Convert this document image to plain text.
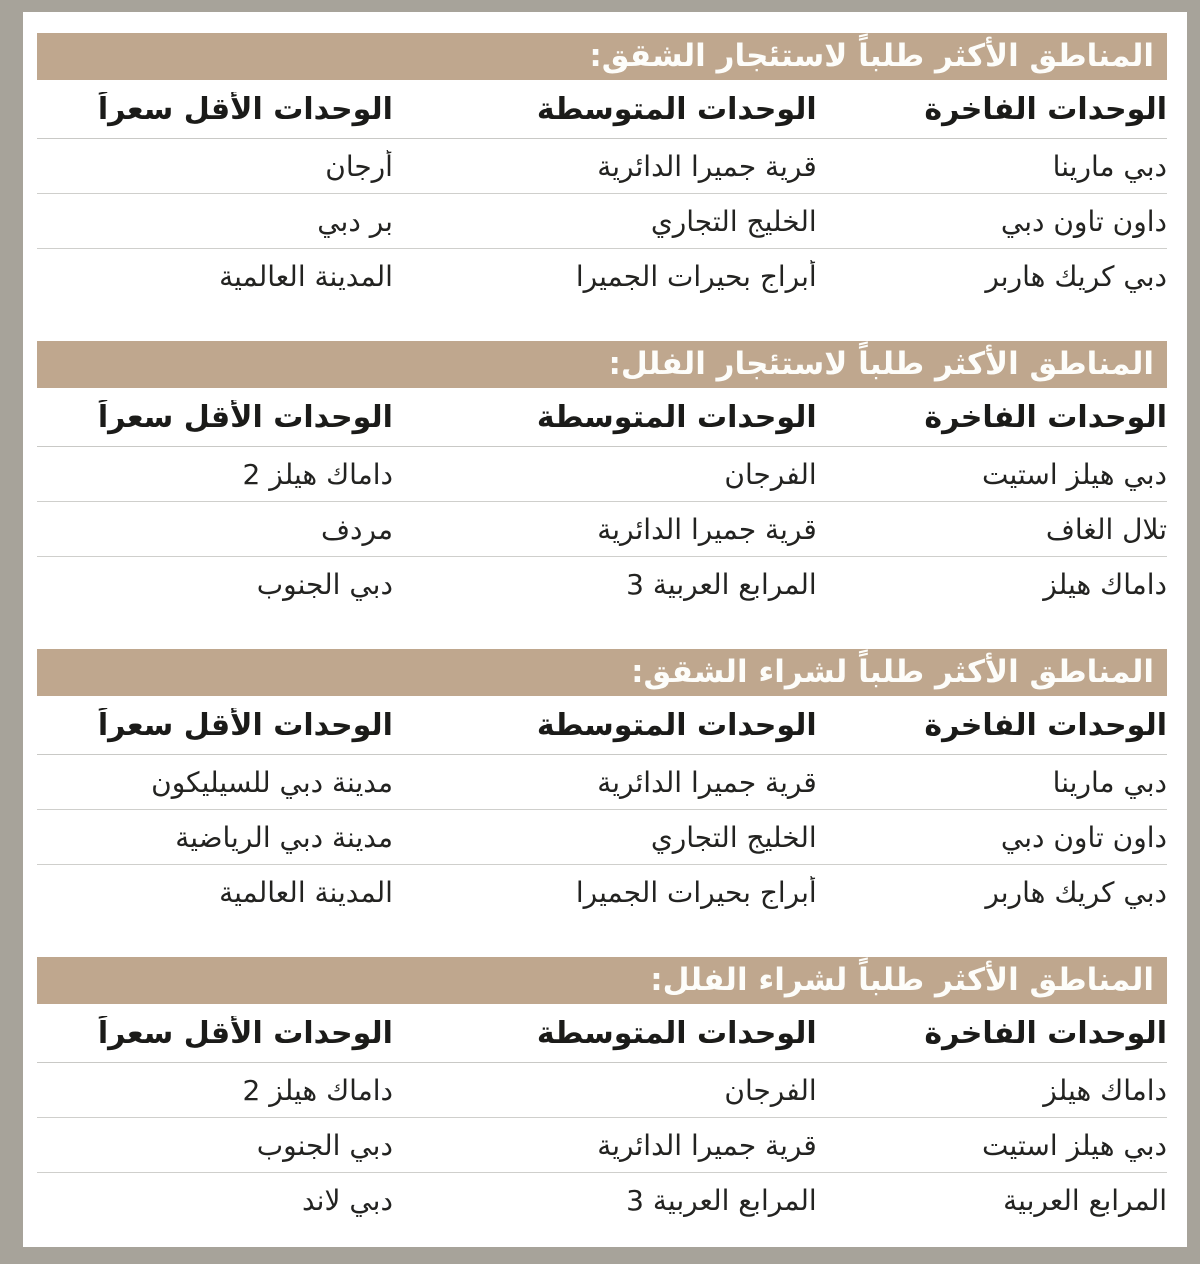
المناطق الأكثر طلباً لاستئجار الشقق:
الوحدات الفاخرة
الوحدات المتوسطة
الوحدات الأقل سعراً
دبي مارينا
قرية جميرا الدائرية
أرجان
داون تاون دبي
الخليج التجاري
بر دبي
دبي كريك هاربر
أبراج بحيرات الجميرا
المدينة العالمية
المناطق الأكثر طلباً لاستئجار الفلل:
الوحدات الفاخرة
الوحدات المتوسطة
الوحدات الأقل سعراً
دبي هيلز استيت
الفرجان
داماك هيلز 2
تلال الغاف
قرية جميرا الدائرية
مردف
داماك هيلز
المرابع العربية 3
دبي الجنوب
المناطق الأكثر طلباً لشراء الشقق:
الوحدات الفاخرة
الوحدات المتوسطة
الوحدات الأقل سعراً
دبي مارينا
قرية جميرا الدائرية
مدينة دبي للسيليكون
داون تاون دبي
الخليج التجاري
مدينة دبي الرياضية
دبي كريك هاربر
أبراج بحيرات الجميرا
المدينة العالمية
المناطق الأكثر طلباً لشراء الفلل:
الوحدات الفاخرة
الوحدات المتوسطة
الوحدات الأقل سعراً
داماك هيلز
الفرجان
داماك هيلز 2
دبي هيلز استيت
قرية جميرا الدائرية
دبي الجنوب
المرابع العربية
المرابع العربية 3
دبي لاند
